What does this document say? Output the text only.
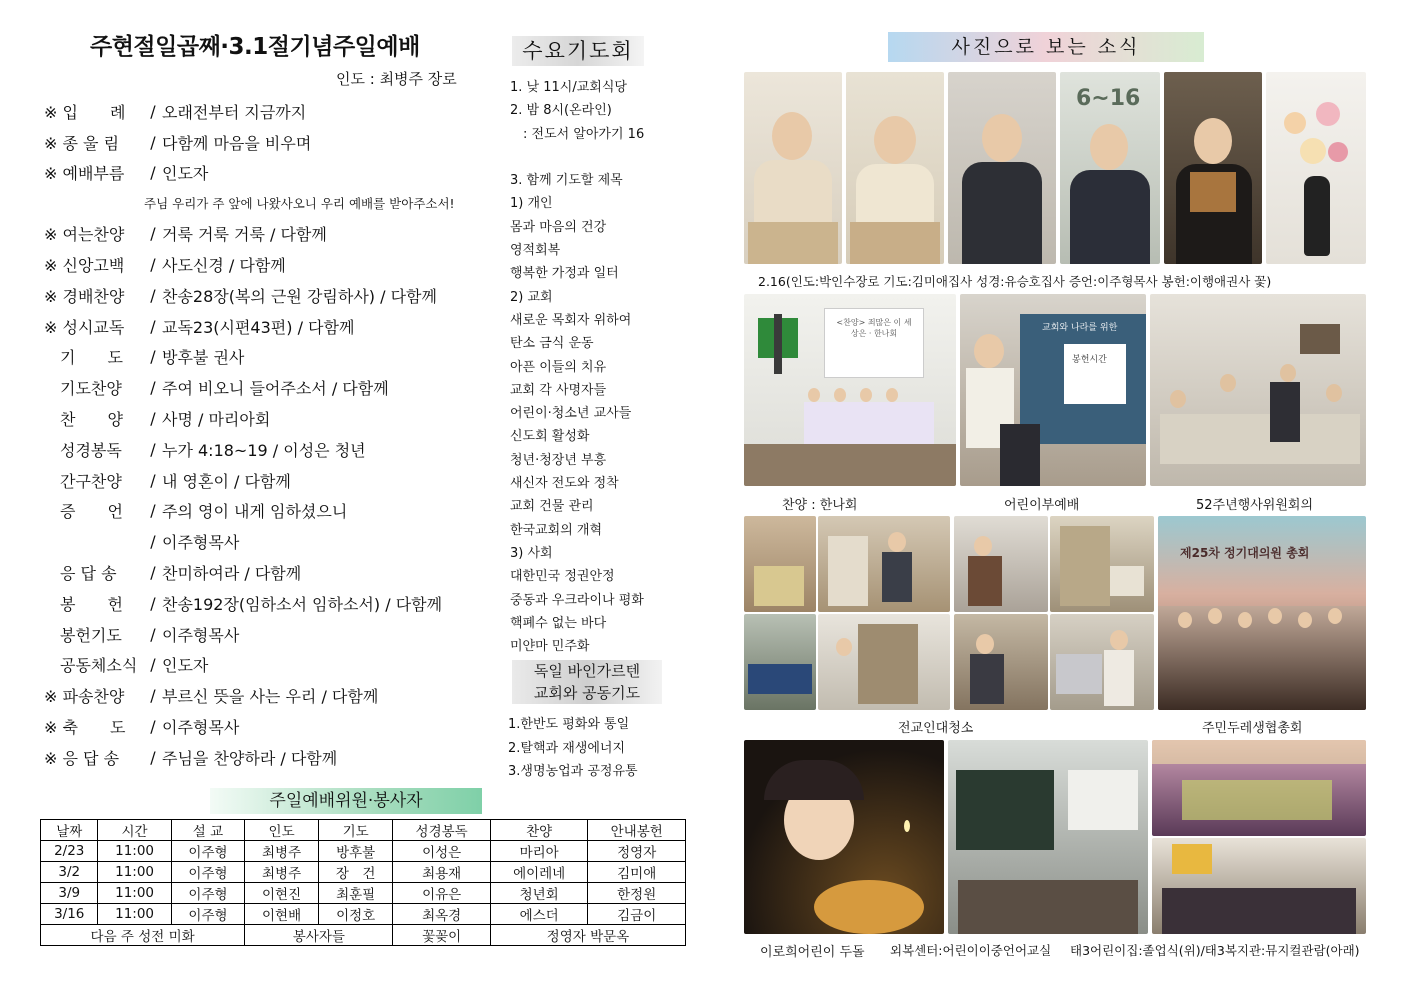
주현절일곱째·3.1절기념주일예배
인도 : 최병주 장로
※ 입　　례	/ 오래전부터 지금까지
※ 종 울 림	/ 다함께 마음을 비우며
※ 예배부름	/ 인도자
주님 우리가 주 앞에 나왔사오니 우리 예배를 받아주소서!
※ 여는찬양	/ 거룩 거룩 거룩 / 다함께
※ 신앙고백	/ 사도신경 / 다함께
※ 경배찬양	/ 찬송28장(복의 근원 강림하사) / 다함께
※ 성시교독	/ 교독23(시편43편) / 다함께
　기　　도	/ 방후불 권사
　기도찬양	/ 주여 비오니 들어주소서 / 다함께
　찬　　양	/ 사명 / 마리아회
　성경봉독	/ 누가 4:18~19 / 이성은 청년
　간구찬양	/ 내 영혼이 / 다함께
　증　　언	/ 주의 영이 내게 임하셨으니
/ 이주형목사
　응 답 송	/ 찬미하여라 / 다함께
　봉　　헌	/ 찬송192장(임하소서 임하소서) / 다함께
　봉헌기도	/ 이주형목사
　공동체소식 / 인도자
※ 파송찬양	/ 부르신 뜻을 사는 우리 / 다함께
※ 축　　도	/ 이주형목사
※ 응 답 송	/ 주님을 찬양하라 / 다함께
수요기도회
1. 낮 11시/교회식당
2. 밤 8시(온라인)
　: 전도서 알아가기 16
3. 함께 기도할 제목
1) 개인
몸과 마음의 건강
영적회복
행복한 가정과 일터
2) 교회
새로운 목회자 위하여
탄소 금식 운동
아픈 이들의 치유
교회 각 사명자들
어린이·청소년 교사들
신도회 활성화
청년·청장년 부흥
새신자 전도와 정착
교회 건물 관리
한국교회의 개혁
3) 사회
대한민국 정권안정
중동과 우크라이나 평화
핵폐수 없는 바다
미얀마 민주화
독일 바인가르텐
교회와 공동기도
1.한반도 평화와 통일
2.탈핵과 재생에너지
3.생명농업과 공정유통
주일예배위원·봉사자
날짜	시간	설 교	인도	기도	성경봉독	찬양	안내봉헌
2/23	11:00	이주형	최병주	방후불	이성은	마리아	정영자
3/2	11:00	이주형	최병주	장　건	최용재	에이레네	김미애
3/9	11:00	이주형	이현진	최훈필	이유은	청년회	한정원
3/16	11:00	이주형	이현배	이정호	최옥경	에스더	김금이
다음 주 성전 미화			봉사자들		꽃꽂이	정영자 박문옥	
사진으로 보는 소식
6~16
2.16(인도:박인수장로 기도:김미애집사 성경:유승호집사 증언:이주형목사 봉헌:이행애권사 꽃)
<찬양> 죄많은 이 세상은 · 한나회
교회와 나라를 위한
봉헌시간
찬양 : 한나회	어린이부예배	52주년행사위원회의
제25차 정기대의원 총회
전교인대청소	주민두레생협총회
이로희어린이 두돌 외복센터:어린이이중언어교실 태3어린이집:졸업식(위)/태3복지관:뮤지컬관람(아래)
